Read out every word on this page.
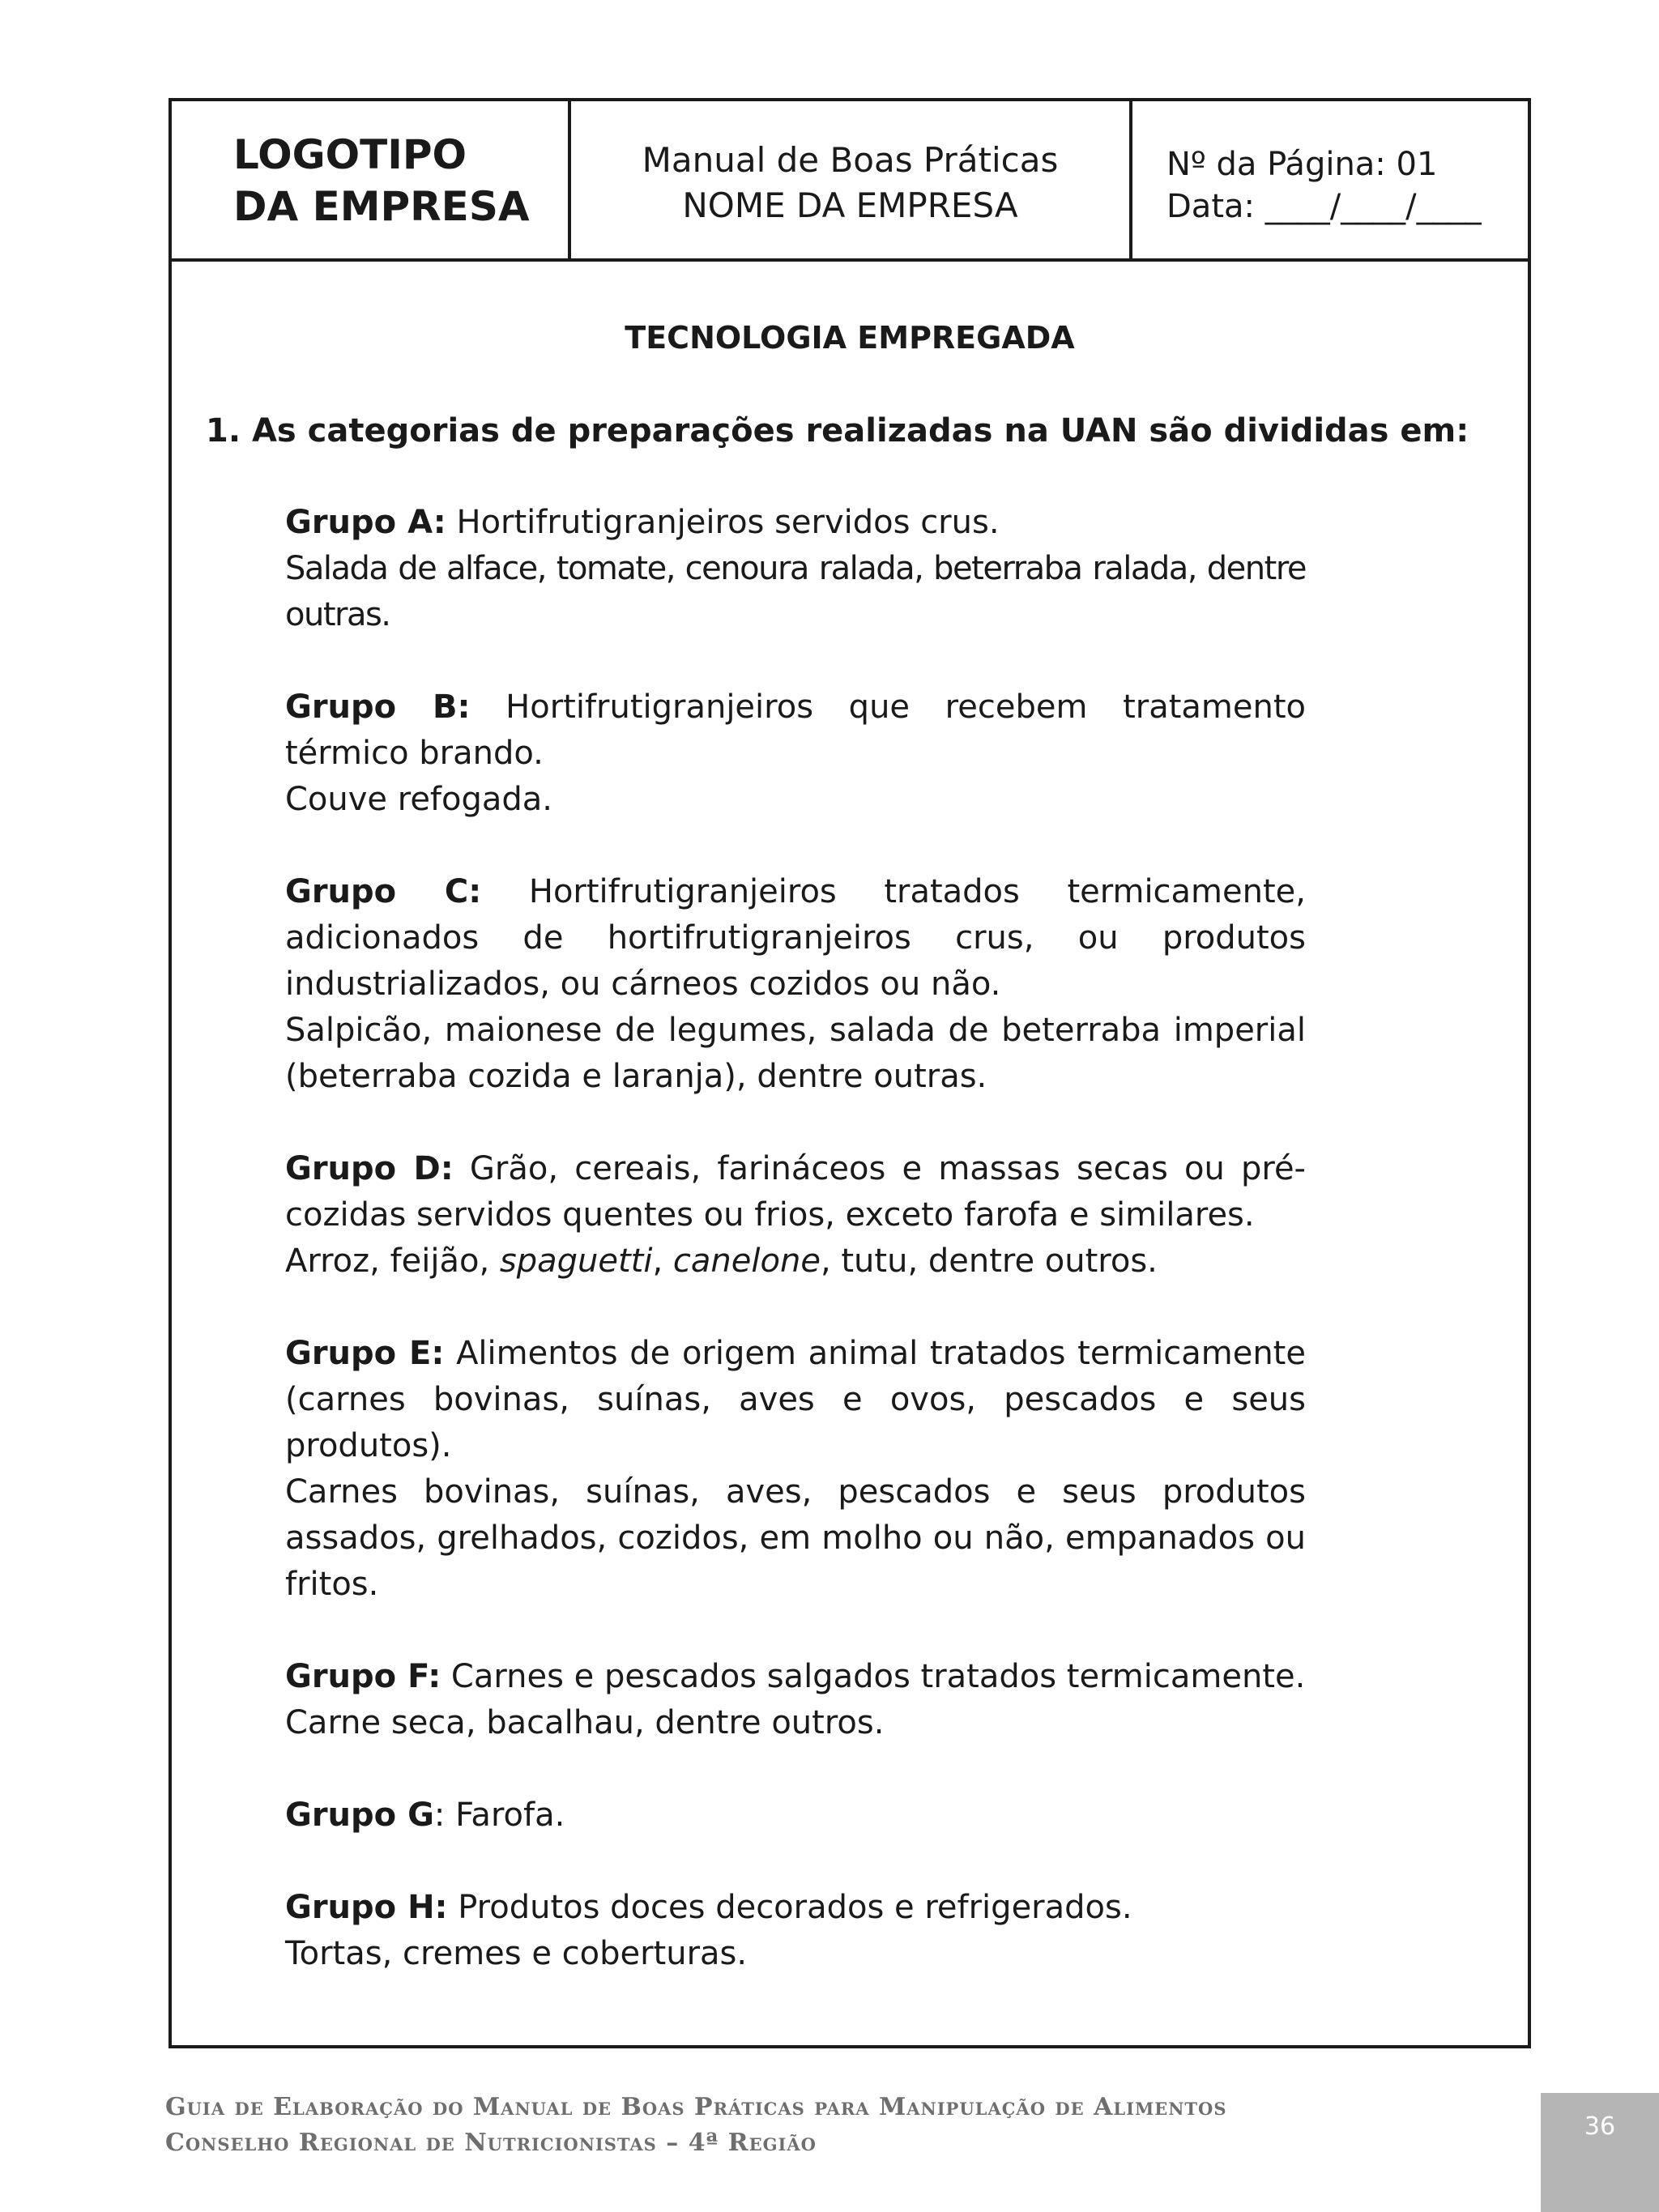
LOGOTIPO
DA EMPRESA
Manual de Boas Práticas
NOME DA EMPRESA
Nº da Página: 01
Data: ____/____/____
TECNOLOGIA EMPREGADA

1. As categorias de preparações realizadas na UAN são divididas em:

Grupo A: Hortifrutigranjeiros servidos crus.

Salada de alface, tomate, cenoura ralada, beterraba ralada, dentre outras.

Grupo B: Hortifrutigranjeiros que recebem tratamento térmico brando.

Couve refogada.

Grupo C: Hortifrutigranjeiros tratados termicamente, adicionados de hortifrutigranjeiros crus, ou produtos industrializados, ou cárneos cozidos ou não.

Salpicão, maionese de legumes, salada de beterraba imperial (beterraba cozida e laranja), dentre outras.

Grupo D: Grão, cereais, farináceos e massas secas ou pré-cozidas servidos quentes ou frios, exceto farofa e similares.

Arroz, feijão, spaguetti, canelone, tutu, dentre outros.

Grupo E: Alimentos de origem animal tratados termicamente (carnes bovinas, suínas, aves e ovos, pescados e seus produtos).

Carnes bovinas, suínas, aves, pescados e seus produtos assados, grelhados, cozidos, em molho ou não, empanados ou fritos.

Grupo F: Carnes e pescados salgados tratados termicamente.

Carne seca, bacalhau, dentre outros.

Grupo G: Farofa.

Grupo H: Produtos doces decorados e refrigerados.

Tortas, cremes e coberturas.

Guia de Elaboração do Manual de Boas Práticas para Manipulação de Alimentos
Conselho Regional de Nutricionistas – 4ª Região
36
